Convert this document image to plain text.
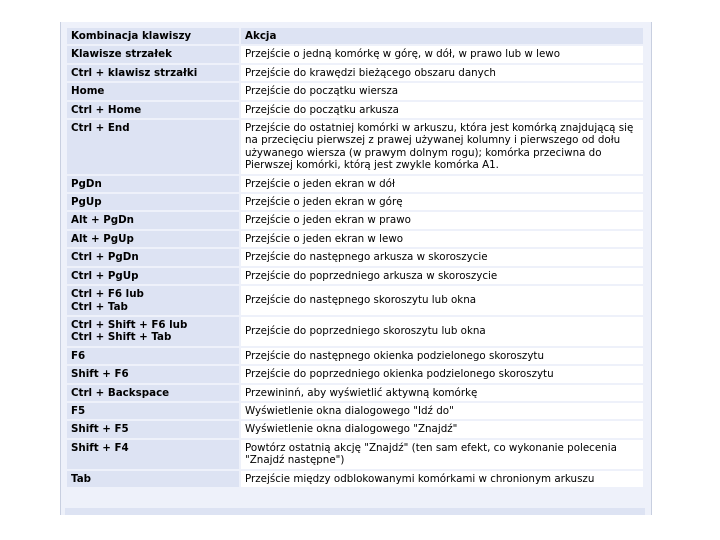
Kombinacja klawiszy	Akcja

Klawisze strzałek	Przejście o jedną komórkę w górę, w dół, w prawo lub w lewo

Ctrl + klawisz strzałki	Przejście do krawędzi bieżącego obszaru danych

Home	Przejście do początku wiersza

Ctrl + Home	Przejście do początku arkusza

Ctrl + End	Przejście do ostatniej komórki w arkuszu, która jest komórką znajdującą się na przecięciu pierwszej z prawej używanej kolumny i pierwszego od dołu używanego wiersza (w prawym dolnym rogu); komórka przeciwna do Pierwszej komórki, którą jest zwykle komórka A1.

PgDn	Przejście o jeden ekran w dół

PgUp	Przejście o jeden ekran w górę

Alt + PgDn	Przejście o jeden ekran w prawo

Alt + PgUp	Przejście o jeden ekran w lewo

Ctrl + PgDn	Przejście do następnego arkusza w skoroszycie

Ctrl + PgUp	Przejście do poprzedniego arkusza w skoroszycie

Ctrl + F6 lub
Ctrl + Tab	Przejście do następnego skoroszytu lub okna

Ctrl + Shift + F6 lub
Ctrl + Shift + Tab	Przejście do poprzedniego skoroszytu lub okna

F6	Przejście do następnego okienka podzielonego skoroszytu

Shift + F6	Przejście do poprzedniego okienka podzielonego skoroszytu

Ctrl + Backspace	Przewininń, aby wyświetlić aktywną komórkę

F5	Wyświetlenie okna dialogowego "Idź do"

Shift + F5	Wyświetlenie okna dialogowego "Znajdź"

Shift + F4	Powtórz ostatnią akcję "Znajdź" (ten sam efekt, co wykonanie polecenia "Znajdź następne")

Tab	Przejście między odblokowanymi komórkami w chronionym arkuszu
